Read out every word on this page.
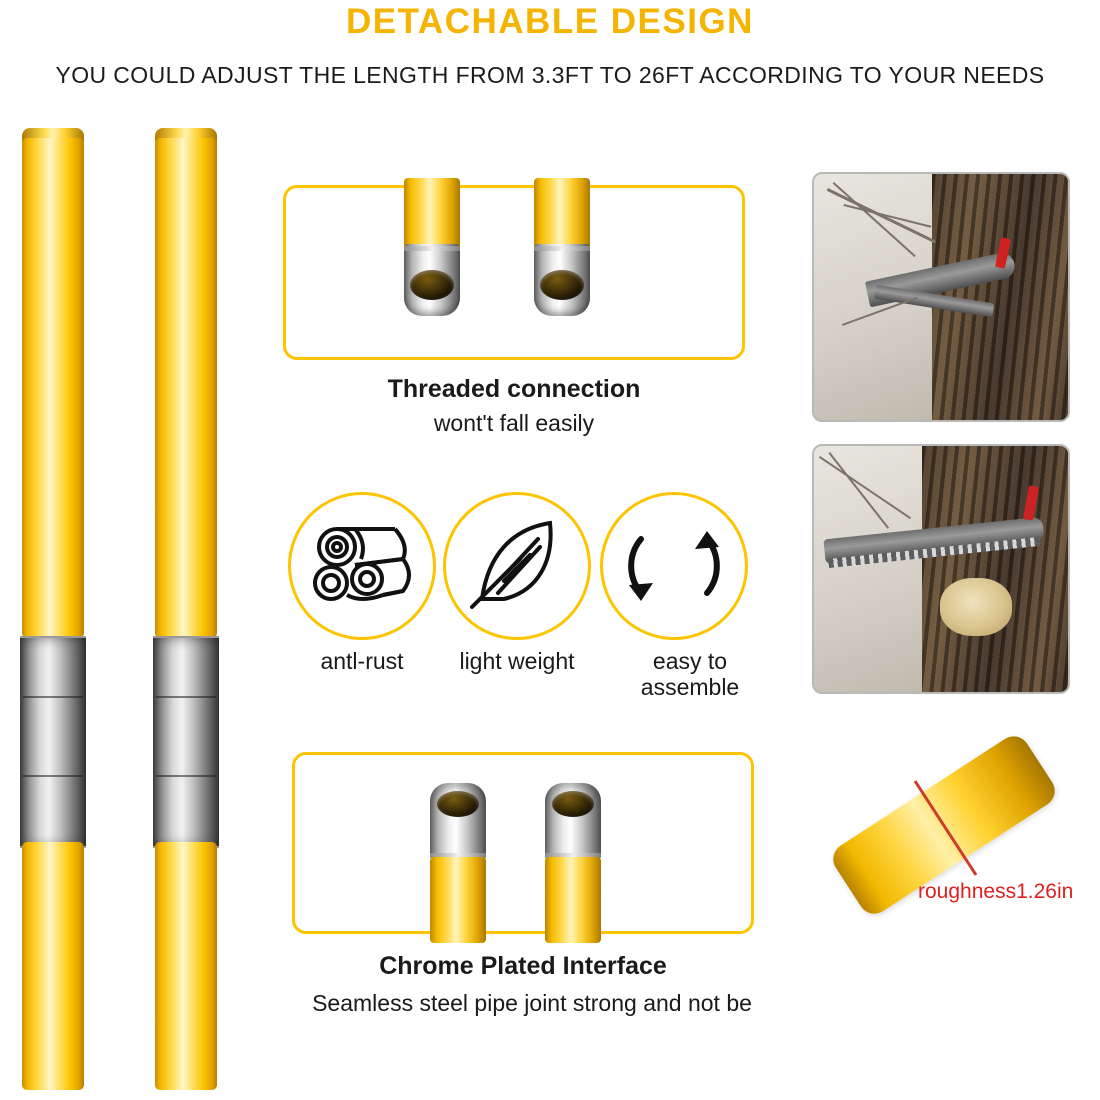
DETACHABLE DESIGN
YOU COULD ADJUST THE LENGTH FROM 3.3FT TO 26FT ACCORDING TO YOUR NEEDS
Threaded connection
wont't fall easily
antl-rust	light weight	easy to
assemble
Chrome Plated Interface
Seamless steel pipe joint strong and not be
roughness1.26in
